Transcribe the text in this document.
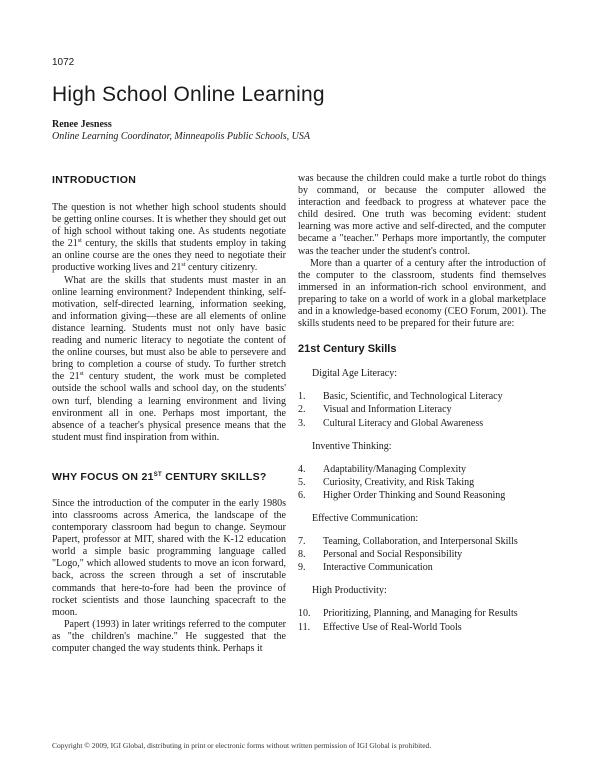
1072
High School Online Learning
Renee Jesness
Online Learning Coordinator, Minneapolis Public Schools, USA
INTRODUCTION

The question is not whether high school students should be getting online courses. It is whether they should get out of high school without taking one. As students negotiate the 21st century, the skills that students employ in taking an online course are the ones they need to negotiate their productive working lives and 21st century citizenry.

What are the skills that students must master in an online learning environment? Independent thinking, self-motivation, self-directed learning, information seeking, and information giving—these are all elements of online distance learning. Students must not only have basic reading and numeric literacy to negotiate the content of the online courses, but must also be able to persevere and bring to completion a course of study. To further stretch the 21st century student, the work must be completed outside the school walls and school day, on the students' own turf, blending a learning environment and living environment all in one. Perhaps most important, the absence of a teacher's physical presence means that the student must find inspiration from within.

WHY FOCUS ON 21ST CENTURY SKILLS?

Since the introduction of the computer in the early 1980s into classrooms across America, the landscape of the contemporary classroom had begun to change. Seymour Papert, professor at MIT, shared with the K-12 education world a simple basic programming language called "Logo," which allowed students to move an icon forward, back, across the screen through a set of inscrutable commands that here-to-fore had been the province of rocket scientists and those launching spacecraft to the moon.

Papert (1993) in later writings referred to the computer as "the children's machine." He suggested that the computer changed the way students think. Perhaps it

was because the children could make a turtle robot do things by command, or because the computer allowed the interaction and feedback to progress at whatever pace the child desired. One truth was becoming evident: student learning was more active and self-directed, and the computer became a "teacher." Perhaps more importantly, the computer was the teacher under the student's control.

More than a quarter of a century after the introduction of the computer to the classroom, students find themselves immersed in an information-rich school environment, and preparing to take on a world of work in a global marketplace and in a knowledge-based economy (CEO Forum, 2001). The skills students need to be prepared for their future are:

21st Century Skills
Digital Age Literacy:
1. Basic, Scientific, and Technological Literacy
2. Visual and Information Literacy
3. Cultural Literacy and Global Awareness
Inventive Thinking:
4. Adaptability/Managing Complexity
5. Curiosity, Creativity, and Risk Taking
6. Higher Order Thinking and Sound Reasoning
Effective Communication:
7. Teaming, Collaboration, and Interpersonal Skills
8. Personal and Social Responsibility
9. Interactive Communication
High Productivity:
10. Prioritizing, Planning, and Managing for Results
11. Effective Use of Real-World Tools
Copyright © 2009, IGI Global, distributing in print or electronic forms without written permission of IGI Global is prohibited.
